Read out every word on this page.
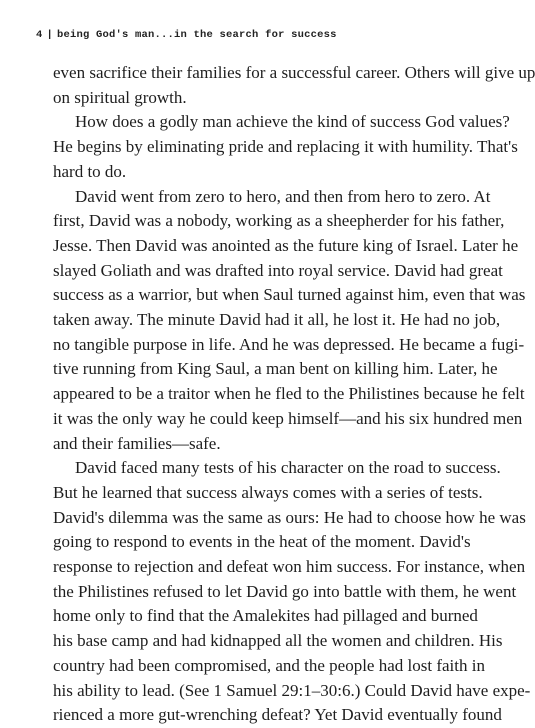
4 | being God's man...in the search for success

even sacrifice their families for a successful career. Others will give up
on spiritual growth.

How does a godly man achieve the kind of success God values?
He begins by eliminating pride and replacing it with humility. That's
hard to do.

David went from zero to hero, and then from hero to zero. At
first, David was a nobody, working as a sheepherder for his father,
Jesse. Then David was anointed as the future king of Israel. Later he
slayed Goliath and was drafted into royal service. David had great
success as a warrior, but when Saul turned against him, even that was
taken away. The minute David had it all, he lost it. He had no job,
no tangible purpose in life. And he was depressed. He became a fugi-
tive running from King Saul, a man bent on killing him. Later, he
appeared to be a traitor when he fled to the Philistines because he felt
it was the only way he could keep himself—and his six hundred men
and their families—safe.

David faced many tests of his character on the road to success.
But he learned that success always comes with a series of tests.
David's dilemma was the same as ours: He had to choose how he was
going to respond to events in the heat of the moment. David's
response to rejection and defeat won him success. For instance, when
the Philistines refused to let David go into battle with them, he went
home only to find that the Amalekites had pillaged and burned
his base camp and had kidnapped all the women and children. His
country had been compromised, and the people had lost faith in
his ability to lead. (See 1 Samuel 29:1–30:6.) Could David have expe-
rienced a more gut-wrenching defeat? Yet David eventually found
